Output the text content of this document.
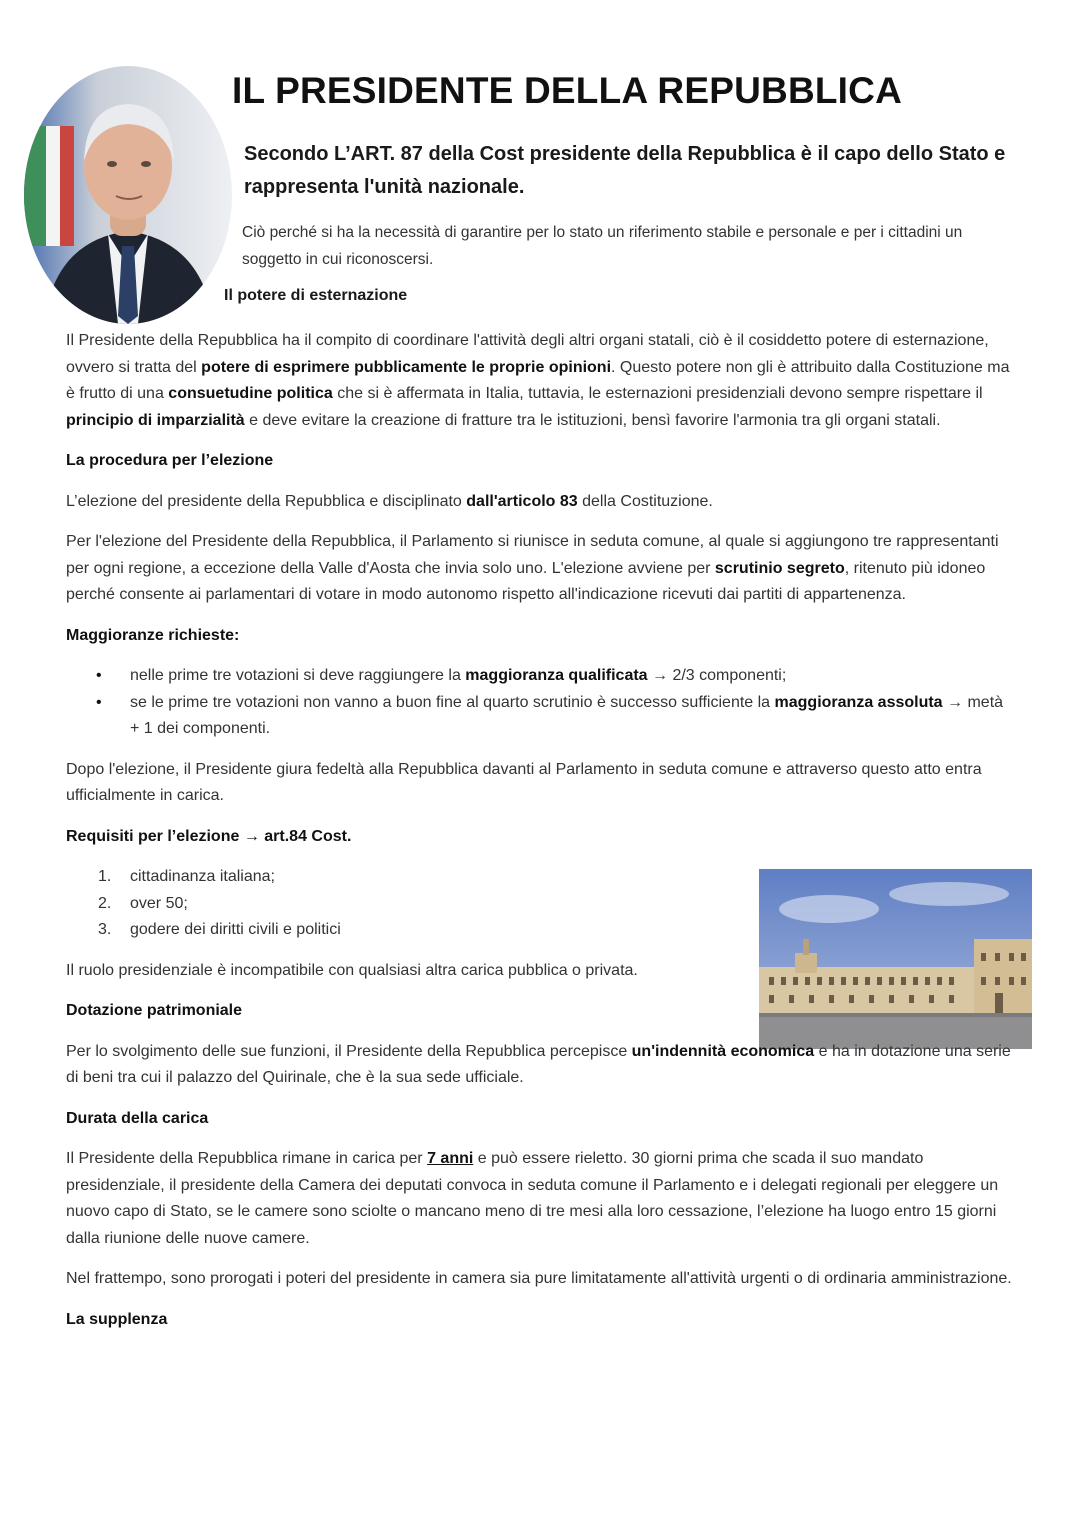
IL PRESIDENTE DELLA REPUBBLICA

Secondo L’ART. 87 della Cost presidente della Repubblica è il capo dello Stato e rappresenta l'unità nazionale.

Ciò perché si ha la necessità di garantire per lo stato un riferimento stabile e personale e per i cittadini un soggetto in cui riconoscersi.

Il potere di esternazione

Il Presidente della Repubblica ha il compito di coordinare l'attività degli altri organi statali, ciò è il cosiddetto potere di esternazione, ovvero si tratta del potere di esprimere pubblicamente le proprie opinioni. Questo potere non gli è attribuito dalla Costituzione ma è frutto di una consuetudine politica che si è affermata in Italia, tuttavia, le esternazioni presidenziali devono sempre rispettare il principio di imparzialità e deve evitare la creazione di fratture tra le istituzioni, bensì favorire l'armonia tra gli organi statali.

La procedura per l’elezione

L’elezione del presidente della Repubblica e disciplinato dall'articolo 83 della Costituzione.

Per l'elezione del Presidente della Repubblica, il Parlamento si riunisce in seduta comune, al quale si aggiungono tre rappresentanti per ogni regione, a eccezione della Valle d'Aosta che invia solo uno. L'elezione avviene per scrutinio segreto, ritenuto più idoneo perché consente ai parlamentari di votare in modo autonomo rispetto all'indicazione ricevuti dai partiti di appartenenza.

Maggioranze richieste:

• nelle prime tre votazioni si deve raggiungere la maggioranza qualificata → 2/3 componenti;
• se le prime tre votazioni non vanno a buon fine al quarto scrutinio è successo sufficiente la maggioranza assoluta → metà + 1 dei componenti.

Dopo l'elezione, il Presidente giura fedeltà alla Repubblica davanti al Parlamento in seduta comune e attraverso questo atto entra ufficialmente in carica.

Requisiti per l’elezione → art.84 Cost.

1. cittadinanza italiana;
2. over 50;
3. godere dei diritti civili e politici

Il ruolo presidenziale è incompatibile con qualsiasi altra carica pubblica o privata.

Dotazione patrimoniale

Per lo svolgimento delle sue funzioni, il Presidente della Repubblica percepisce un'indennità economica e ha in dotazione una serie di beni tra cui il palazzo del Quirinale, che è la sua sede ufficiale.

Durata della carica

Il Presidente della Repubblica rimane in carica per 7 anni e può essere rieletto. 30 giorni prima che scada il suo mandato presidenziale, il presidente della Camera dei deputati convoca in seduta comune il Parlamento e i delegati regionali per eleggere un nuovo capo di Stato, se le camere sono sciolte o mancano meno di tre mesi alla loro cessazione, l’elezione ha luogo entro 15 giorni dalla riunione delle nuove camere.

Nel frattempo, sono prorogati i poteri del presidente in camera sia pure limitatamente all'attività urgenti o di ordinaria amministrazione.

La supplenza
